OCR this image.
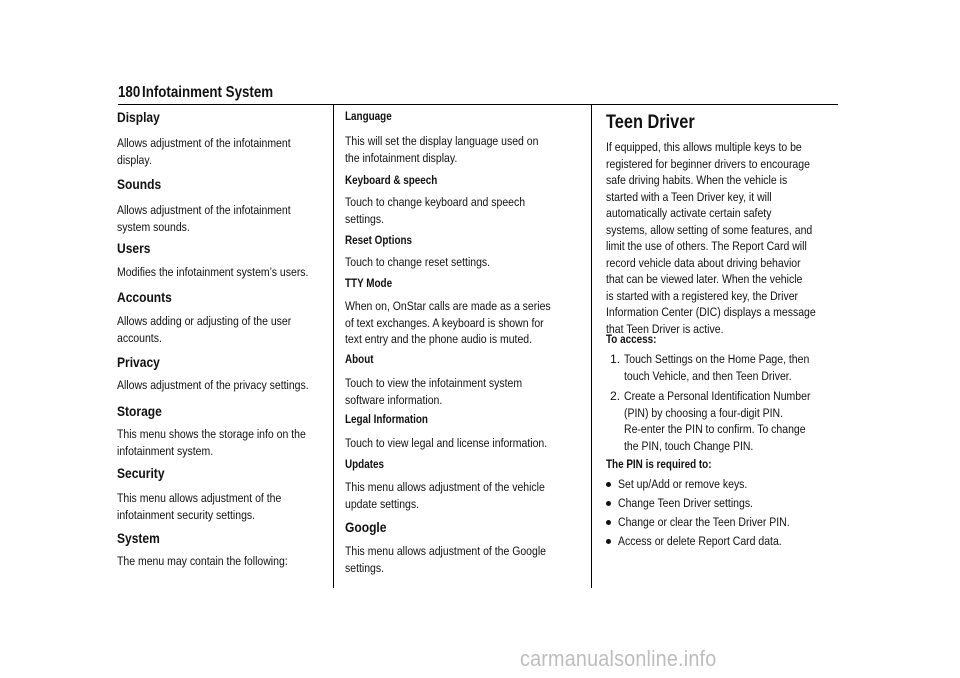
180 Infotainment System
Display
Allows adjustment of the infotainment
display.
Sounds
Allows adjustment of the infotainment
system sounds.
Users
Modifies the infotainment system’s users.
Accounts
Allows adding or adjusting of the user
accounts.
Privacy
Allows adjustment of the privacy settings.
Storage
This menu shows the storage info on the
infotainment system.
Security
This menu allows adjustment of the
infotainment security settings.
System
The menu may contain the following:
Language
This will set the display language used on
the infotainment display.
Keyboard & speech
Touch to change keyboard and speech
settings.
Reset Options
Touch to change reset settings.
TTY Mode
When on, OnStar calls are made as a series
of text exchanges. A keyboard is shown for
text entry and the phone audio is muted.
About
Touch to view the infotainment system
software information.
Legal Information
Touch to view legal and license information.
Updates
This menu allows adjustment of the vehicle
update settings.
Google
This menu allows adjustment of the Google
settings.
Teen Driver
If equipped, this allows multiple keys to be
registered for beginner drivers to encourage
safe driving habits. When the vehicle is
started with a Teen Driver key, it will
automatically activate certain safety
systems, allow setting of some features, and
limit the use of others. The Report Card will
record vehicle data about driving behavior
that can be viewed later. When the vehicle
is started with a registered key, the Driver
Information Center (DIC) displays a message
that Teen Driver is active.
To access:
1. Touch Settings on the Home Page, then
touch Vehicle, and then Teen Driver.
2. Create a Personal Identification Number
(PIN) by choosing a four-digit PIN.
Re-enter the PIN to confirm. To change
the PIN, touch Change PIN.
The PIN is required to:
Set up/Add or remove keys.
Change Teen Driver settings.
Change or clear the Teen Driver PIN.
Access or delete Report Card data.
carmanualsonline.info
